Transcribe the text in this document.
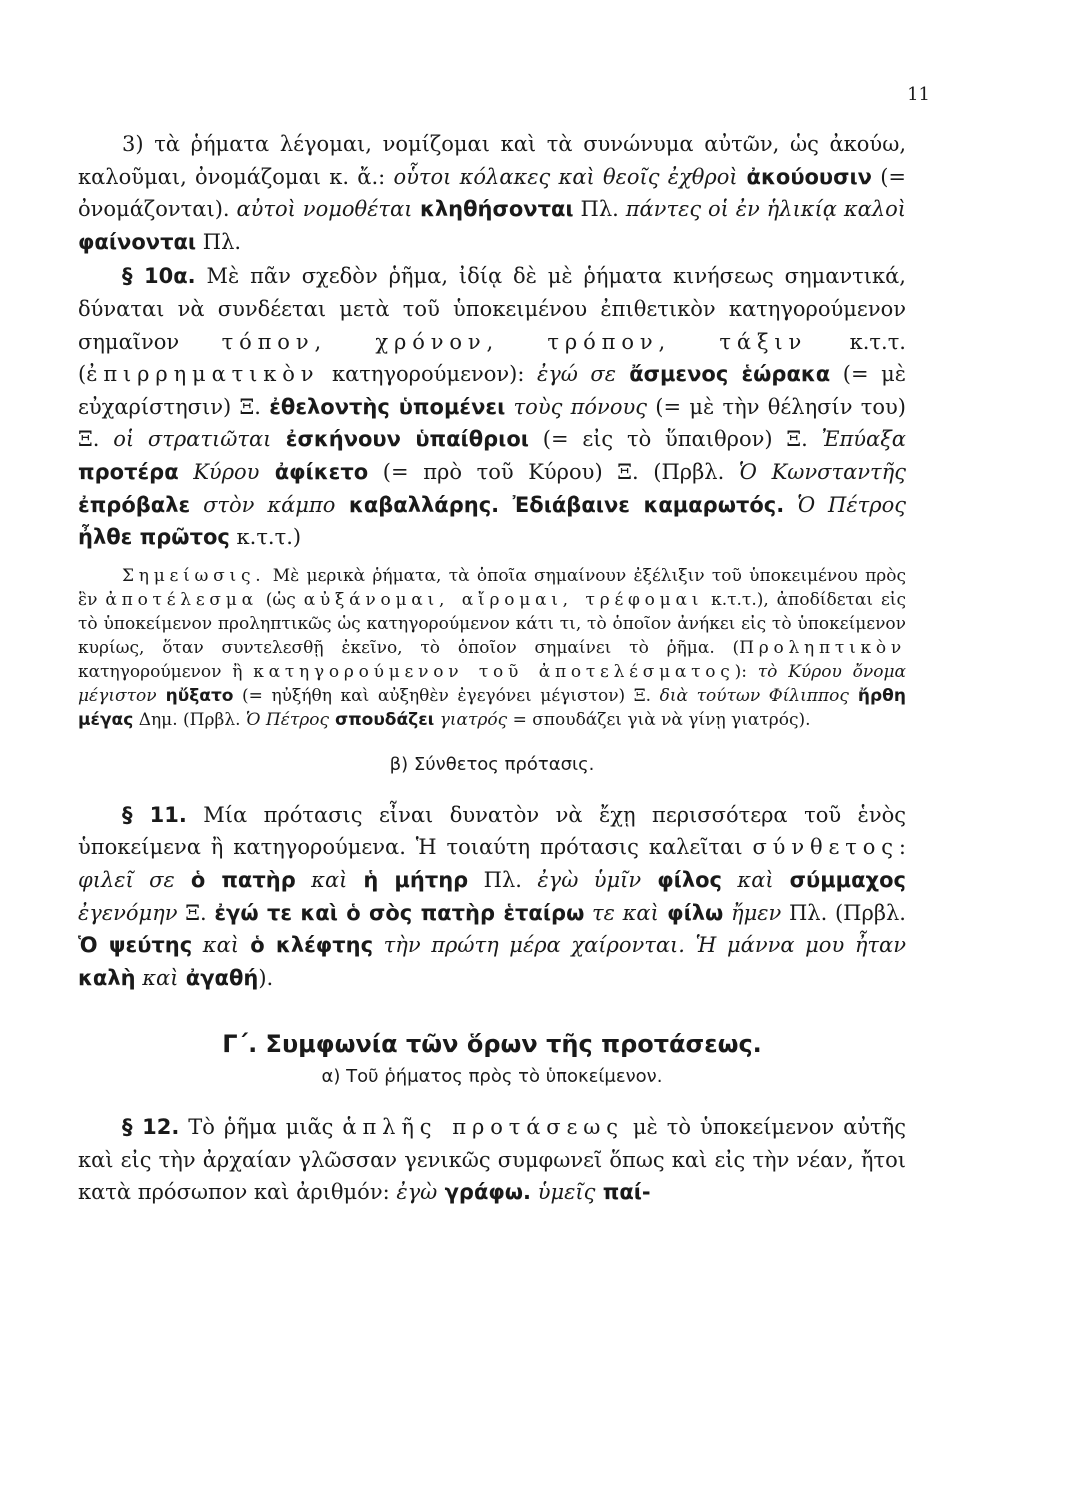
11

3) τὰ ῥήματα λέγομαι, νομίζομαι καὶ τὰ συνώνυμα αὐτῶν, ὡς ἀκούω, καλοῦμαι, ὀνομάζομαι κ. ἄ.: οὗτοι κόλακες καὶ θεοῖς ἐχθροὶ ἀκούουσιν (= ὀνομάζονται). αὐτοὶ νομοθέται κληθήσονται Πλ. πάντες οἱ ἐν ἡλικίᾳ καλοὶ φαίνονται Πλ.

§ 10α. Μὲ πᾶν σχεδὸν ῥῆμα, ἰδίᾳ δὲ μὲ ῥήματα κινήσεως σημαντικά, δύναται νὰ συνδέεται μετὰ τοῦ ὑποκειμένου ἐπιθετικὸν κατηγορούμενον σημαῖνον τόπον, χρόνον, τρόπον, τάξιν κ.τ.τ. (ἐπιρρηματικὸν κατηγορούμενον): ἐγώ σε ἄσμενος ἑώρακα (= μὲ εὐχαρίστησιν) Ξ. ἐθελοντὴς ὑπομένει τοὺς πόνους (= μὲ τὴν θέλησίν του) Ξ. οἱ στρατιῶται ἐσκήνουν ὑπαίθριοι (= εἰς τὸ ὕπαιθρον) Ξ. Ἐπύαξα προτέρα Κύρου ἀφίκετο (= πρὸ τοῦ Κύρου) Ξ. (Πρβλ. Ὁ Κωνσταντῆς ἐπρόβαλε στὸν κάμπο καβαλλάρης. Ἐδιάβαινε καμαρωτός. Ὁ Πέτρος ἦλθε πρῶτος κ.τ.τ.)

Σημείωσις. Μὲ μερικὰ ῥήματα, τὰ ὁποῖα σημαίνουν ἐξέλιξιν τοῦ ὑποκειμένου πρὸς ἓν ἀποτέλεσμα (ὡς αὐξάνομαι, αἴρομαι, τρέφομαι κ.τ.τ.), ἀποδίδεται εἰς τὸ ὑποκείμενον προληπτικῶς ὡς κατηγορούμενον κάτι τι, τὸ ὁποῖον ἀνήκει εἰς τὸ ὑποκείμενον κυρίως, ὅταν συντελεσθῇ ἐκεῖνο, τὸ ὁποῖον σημαίνει τὸ ῥῆμα. (Προληπτικὸν κατηγορούμενον ἢ κατηγορούμενον τοῦ ἀποτελέσματος): τὸ Κύρου ὄνομα μέγιστον ηὔξατο (= ηὐξήθη καὶ αὐξηθὲν ἐγεγόνει μέγιστον) Ξ. διὰ τούτων Φίλιππος ἤρθη μέγας Δημ. (Πρβλ. Ὁ Πέτρος σπουδάζει γιατρός = σπουδάζει γιὰ νὰ γίνῃ γιατρός).

β) Σύνθετος πρότασις.

§ 11. Μία πρότασις εἶναι δυνατὸν νὰ ἔχῃ περισσότερα τοῦ ἑνὸς ὑποκείμενα ἢ κατηγορούμενα. Ἡ τοιαύτη πρότασις καλεῖται σύνθετος: φιλεῖ σε ὁ πατὴρ καὶ ἡ μήτηρ Πλ. ἐγὼ ὑμῖν φίλος καὶ σύμμαχος ἐγενόμην Ξ. ἐγώ τε καὶ ὁ σὸς πατὴρ ἑταίρω τε καὶ φίλω ἤμεν Πλ. (Πρβλ. Ὁ ψεύτης καὶ ὁ κλέφτης τὴν πρώτη μέρα χαίρονται. Ἡ μάννα μου ἦταν καλὴ καὶ ἀγαθή).

Γ΄. Συμφωνία τῶν ὅρων τῆς προτάσεως.
α) Τοῦ ῥήματος πρὸς τὸ ὑποκείμενον.

§ 12. Τὸ ῥῆμα μιᾶς ἁπλῆς προτάσεως μὲ τὸ ὑποκείμενον αὐτῆς καὶ εἰς τὴν ἀρχαίαν γλῶσσαν γενικῶς συμφωνεῖ ὅπως καὶ εἰς τὴν νέαν, ἤτοι κατὰ πρόσωπον καὶ ἀριθμόν: ἐγὼ γράφω. ὑμεῖς παί-
